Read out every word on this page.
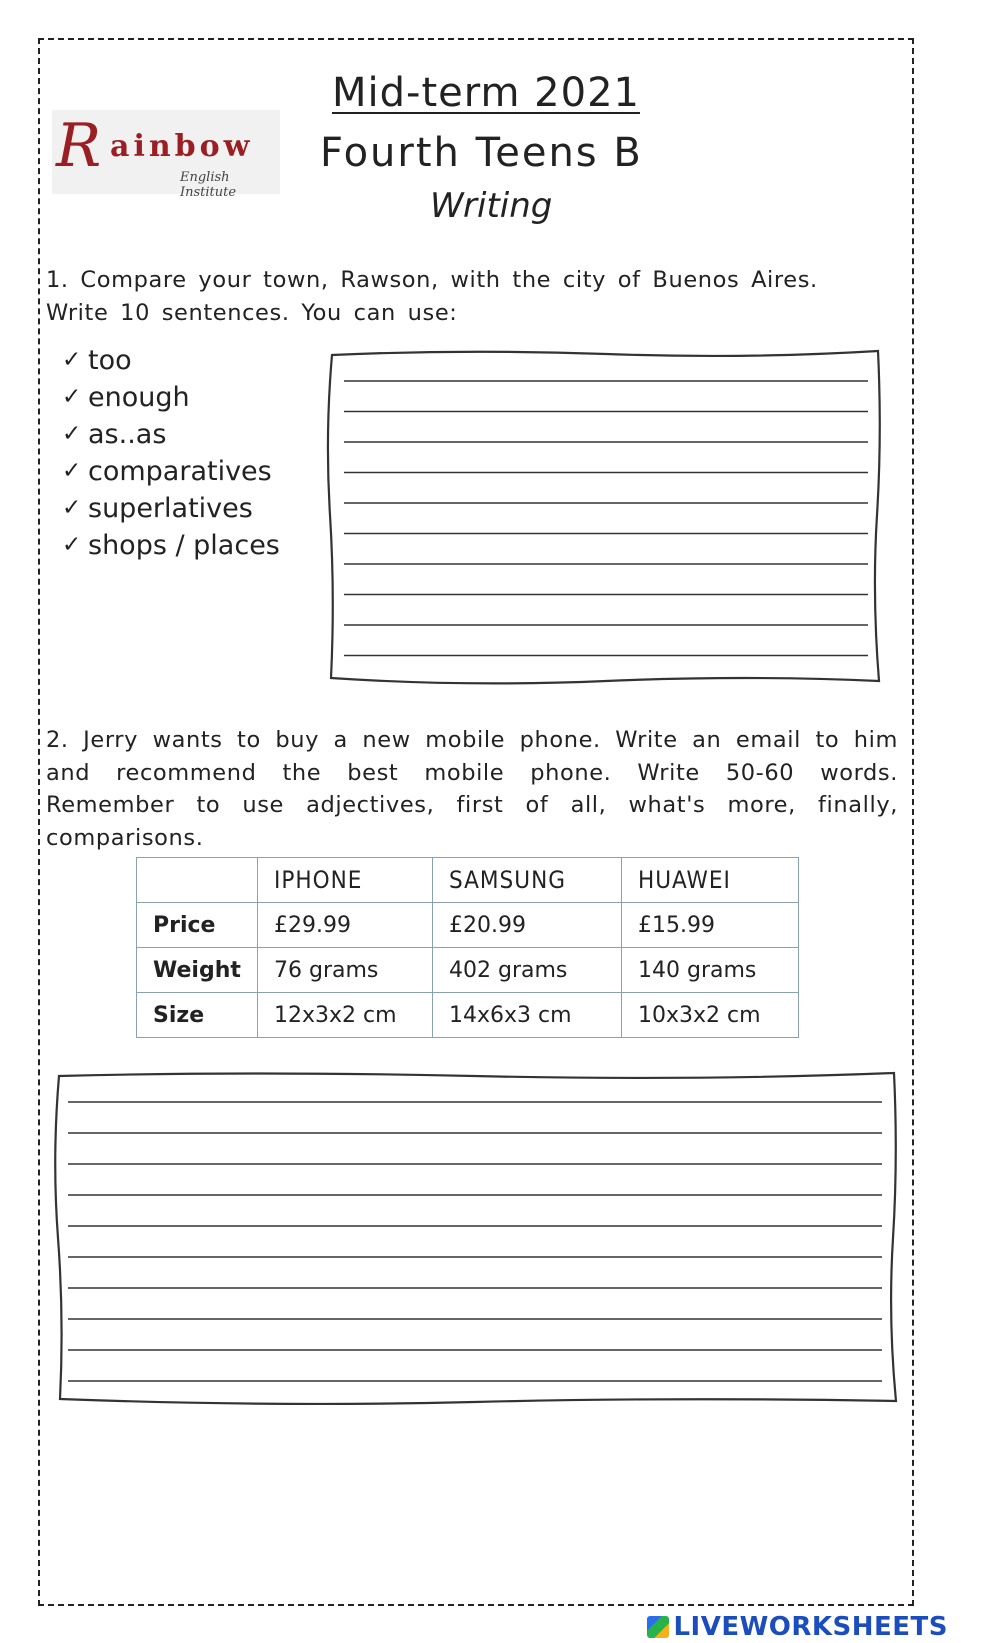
R ainbow
English Institute
Mid-term 2021
Fourth Teens B
Writing
1. Compare your town, Rawson, with the city of Buenos Aires. Write 10 sentences. You can use:
✓ too
✓ enough
✓ as..as
✓ comparatives
✓ superlatives
✓ shops / places
2. Jerry wants to buy a new mobile phone. Write an email to him and recommend the best mobile phone. Write 50-60 words. Remember to use adjectives, first of all, what's more, finally, comparisons.
	IPHONE	SAMSUNG	HUAWEI
Price	£29.99	£20.99	£15.99
Weight	76 grams	402 grams	140 grams
Size	12x3x2 cm	14x6x3 cm	10x3x2 cm
LIVEWORKSHEETS
